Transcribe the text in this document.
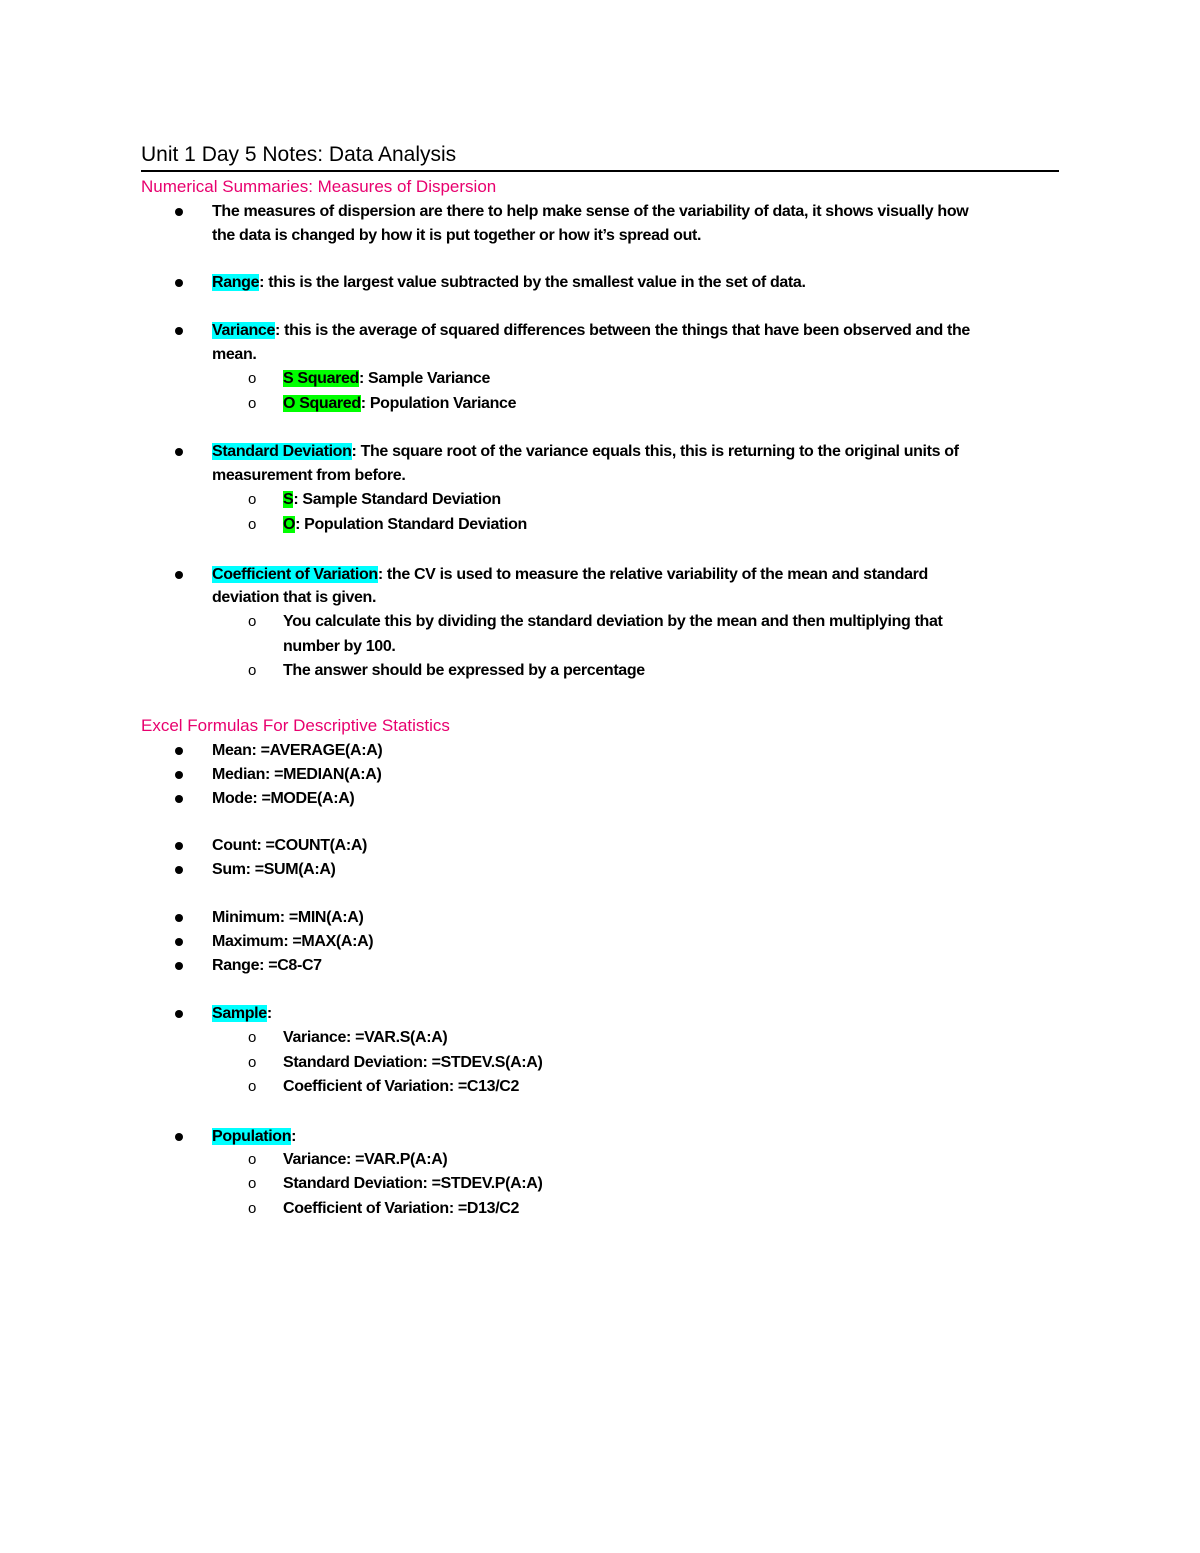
Unit 1 Day 5 Notes: Data Analysis
Numerical Summaries: Measures of Dispersion
The measures of dispersion are there to help make sense of the variability of data, it shows visually how
the data is changed by how it is put together or how it’s spread out.
Range: this is the largest value subtracted by the smallest value in the set of data.
Variance: this is the average of squared differences between the things that have been observed and the
mean.
o S Squared: Sample Variance
o O Squared: Population Variance
Standard Deviation: The square root of the variance equals this, this is returning to the original units of
measurement from before.
o S: Sample Standard Deviation
o O: Population Standard Deviation
Coefficient of Variation: the CV is used to measure the relative variability of the mean and standard
deviation that is given.
o You calculate this by dividing the standard deviation by the mean and then multiplying that
number by 100.
o The answer should be expressed by a percentage
Excel Formulas For Descriptive Statistics
Mean: =AVERAGE(A:A)
Median: =MEDIAN(A:A)
Mode: =MODE(A:A)
Count: =COUNT(A:A)
Sum: =SUM(A:A)
Minimum: =MIN(A:A)
Maximum: =MAX(A:A)
Range: =C8-C7
Sample:
o Variance: =VAR.S(A:A)
o Standard Deviation: =STDEV.S(A:A)
o Coefficient of Variation: =C13/C2
Population:
o Variance: =VAR.P(A:A)
o Standard Deviation: =STDEV.P(A:A)
o Coefficient of Variation: =D13/C2
